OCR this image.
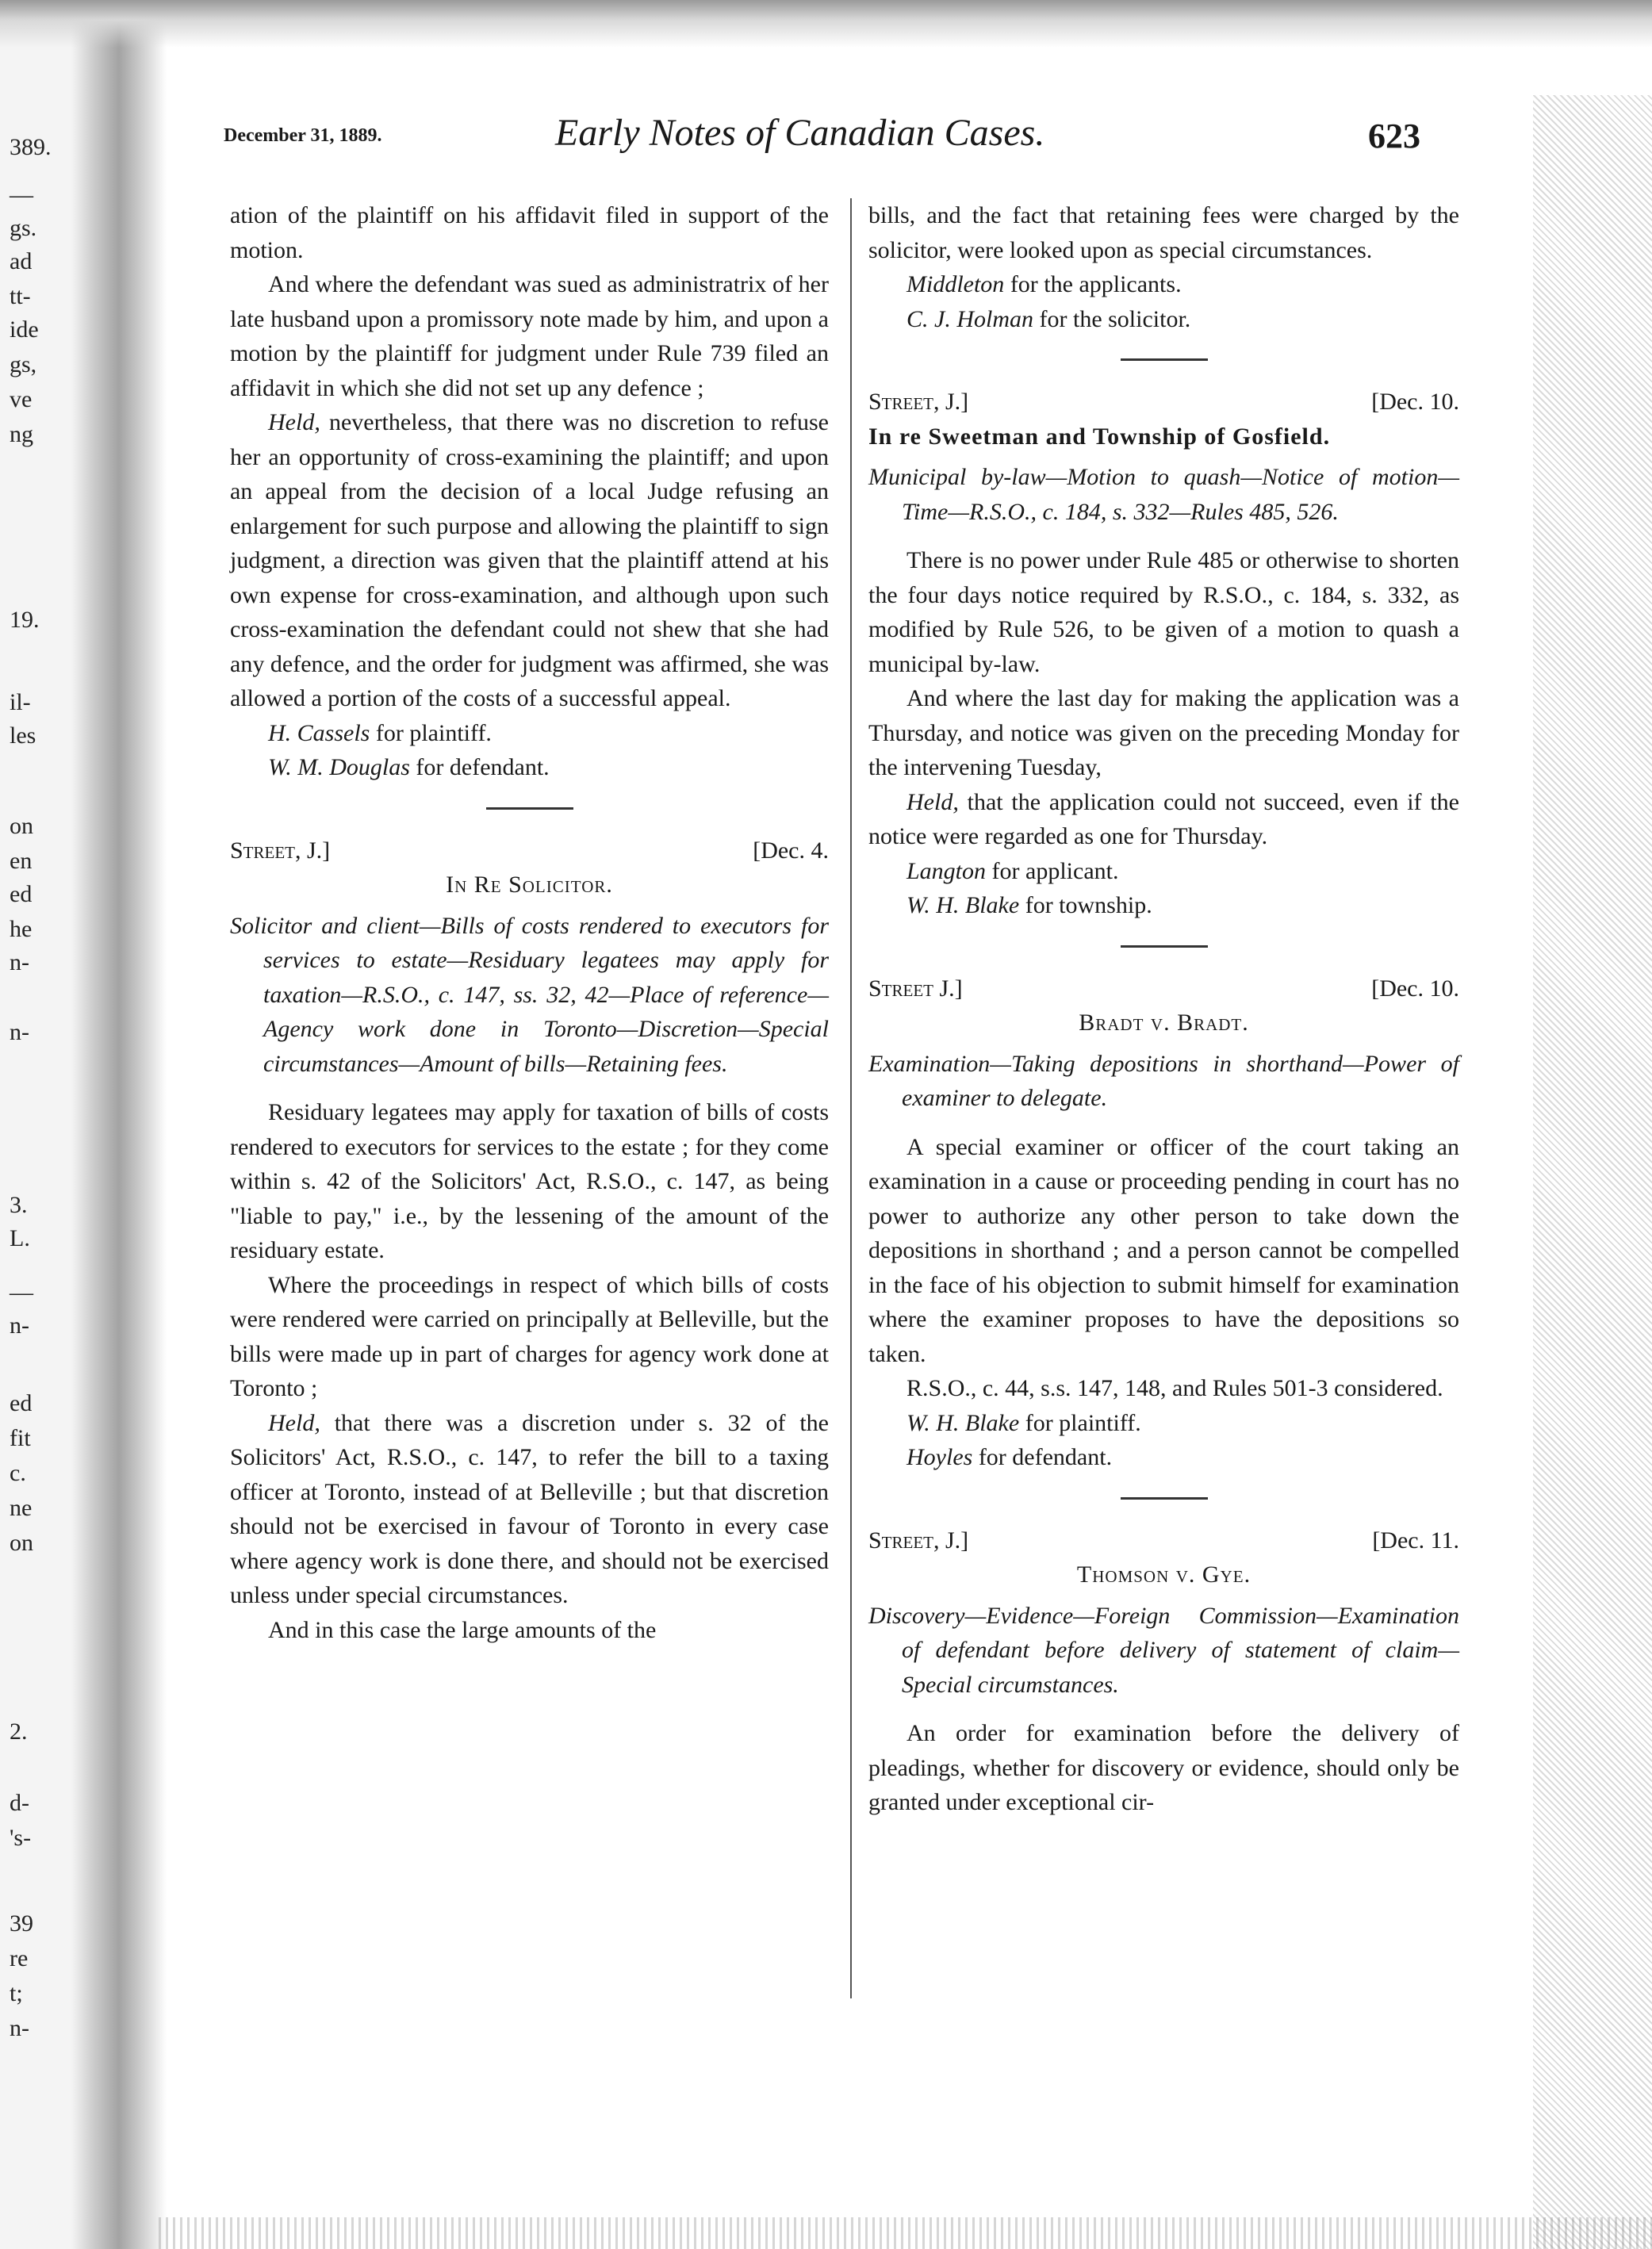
389.
—
gs.
ad
tt-
ide
gs,
ve
ng
19.
il-
les
on
en
ed
he
n-
n-
3.
L.
—
n-
ed
fit
c.
ne
on
2.
d-
's-
39
re
t;
n-
December 31, 1889.	Early Notes of Canadian Cases.	623

ation of the plaintiff on his affidavit filed in support of the motion.

And where the defendant was sued as administratrix of her late husband upon a promissory note made by him, and upon a motion by the plaintiff for judgment under Rule 739 filed an affidavit in which she did not set up any defence ;

Held, nevertheless, that there was no discretion to refuse her an opportunity of cross-examining the plaintiff; and upon an appeal from the decision of a local Judge refusing an enlargement for such purpose and allowing the plaintiff to sign judgment, a direction was given that the plaintiff attend at his own expense for cross-examination, and although upon such cross-examination the defendant could not shew that she had any defence, and the order for judgment was affirmed, she was allowed a portion of the costs of a successful appeal.

H. Cassels for plaintiff.

W. M. Douglas for defendant.

Street, J.]	[Dec. 4.

In Re Solicitor.

Solicitor and client—Bills of costs rendered to executors for services to estate—Residuary legatees may apply for taxation—R.S.O., c. 147, ss. 32, 42—Place of reference—Agency work done in Toronto—Discretion—Special circumstances—Amount of bills—Retaining fees.

Residuary legatees may apply for taxation of bills of costs rendered to executors for services to the estate ; for they come within s. 42 of the Solicitors' Act, R.S.O., c. 147, as being "liable to pay," i.e., by the lessening of the amount of the residuary estate.

Where the proceedings in respect of which bills of costs were rendered were carried on principally at Belleville, but the bills were made up in part of charges for agency work done at Toronto ;

Held, that there was a discretion under s. 32 of the Solicitors' Act, R.S.O., c. 147, to refer the bill to a taxing officer at Toronto, instead of at Belleville ; but that discretion should not be exercised in favour of Toronto in every case where agency work is done there, and should not be exercised unless under special circumstances.

And in this case the large amounts of the

bills, and the fact that retaining fees were charged by the solicitor, were looked upon as special circumstances.

Middleton for the applicants.

C. J. Holman for the solicitor.

Street, J.]	[Dec. 10.

In re Sweetman and Township of Gosfield.

Municipal by-law—Motion to quash—Notice of motion—Time—R.S.O., c. 184, s. 332—Rules 485, 526.

There is no power under Rule 485 or otherwise to shorten the four days notice required by R.S.O., c. 184, s. 332, as modified by Rule 526, to be given of a motion to quash a municipal by-law.

And where the last day for making the application was a Thursday, and notice was given on the preceding Monday for the intervening Tuesday,

Held, that the application could not succeed, even if the notice were regarded as one for Thursday.

Langton for applicant.

W. H. Blake for township.

Street J.]	[Dec. 10.

Bradt v. Bradt.

Examination—Taking depositions in shorthand—Power of examiner to delegate.

A special examiner or officer of the court taking an examination in a cause or proceeding pending in court has no power to authorize any other person to take down the depositions in shorthand ; and a person cannot be compelled in the face of his objection to submit himself for examination where the examiner proposes to have the depositions so taken.

R.S.O., c. 44, s.s. 147, 148, and Rules 501-3 considered.

W. H. Blake for plaintiff.

Hoyles for defendant.

Street, J.]	[Dec. 11.

Thomson v. Gye.

Discovery—Evidence—Foreign Commission—Examination of defendant before delivery of statement of claim—Special circumstances.

An order for examination before the delivery of pleadings, whether for discovery or evidence, should only be granted under exceptional cir-
